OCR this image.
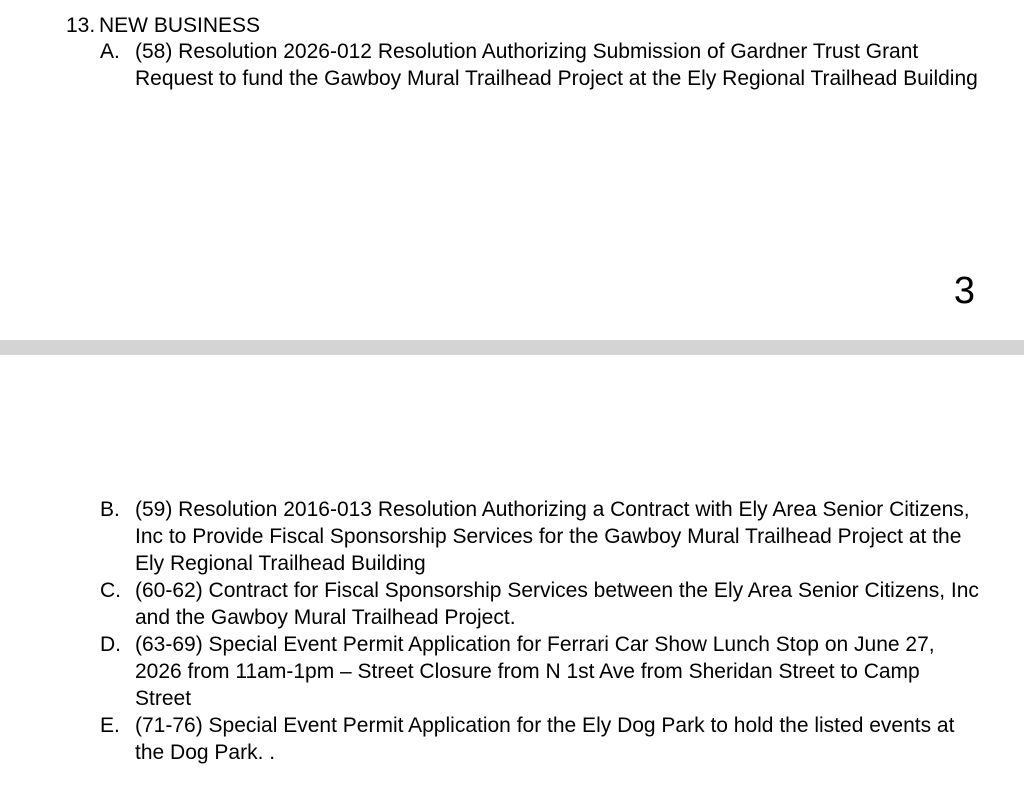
13. NEW BUSINESS
A. (58) Resolution 2026-012 Resolution Authorizing Submission of Gardner Trust Grant Request to fund the Gawboy Mural Trailhead Project at the Ely Regional Trailhead Building
3
B. (59) Resolution 2016-013 Resolution Authorizing a Contract with Ely Area Senior Citizens, Inc to Provide Fiscal Sponsorship Services for the Gawboy Mural Trailhead Project at the Ely Regional Trailhead Building
C. (60-62) Contract for Fiscal Sponsorship Services between the Ely Area Senior Citizens, Inc and the Gawboy Mural Trailhead Project.
D. (63-69) Special Event Permit Application for Ferrari Car Show Lunch Stop on June 27, 2026 from 11am-1pm – Street Closure from N 1st Ave from Sheridan Street to Camp Street
E. (71-76) Special Event Permit Application for the Ely Dog Park to hold the listed events at the Dog Park. .
